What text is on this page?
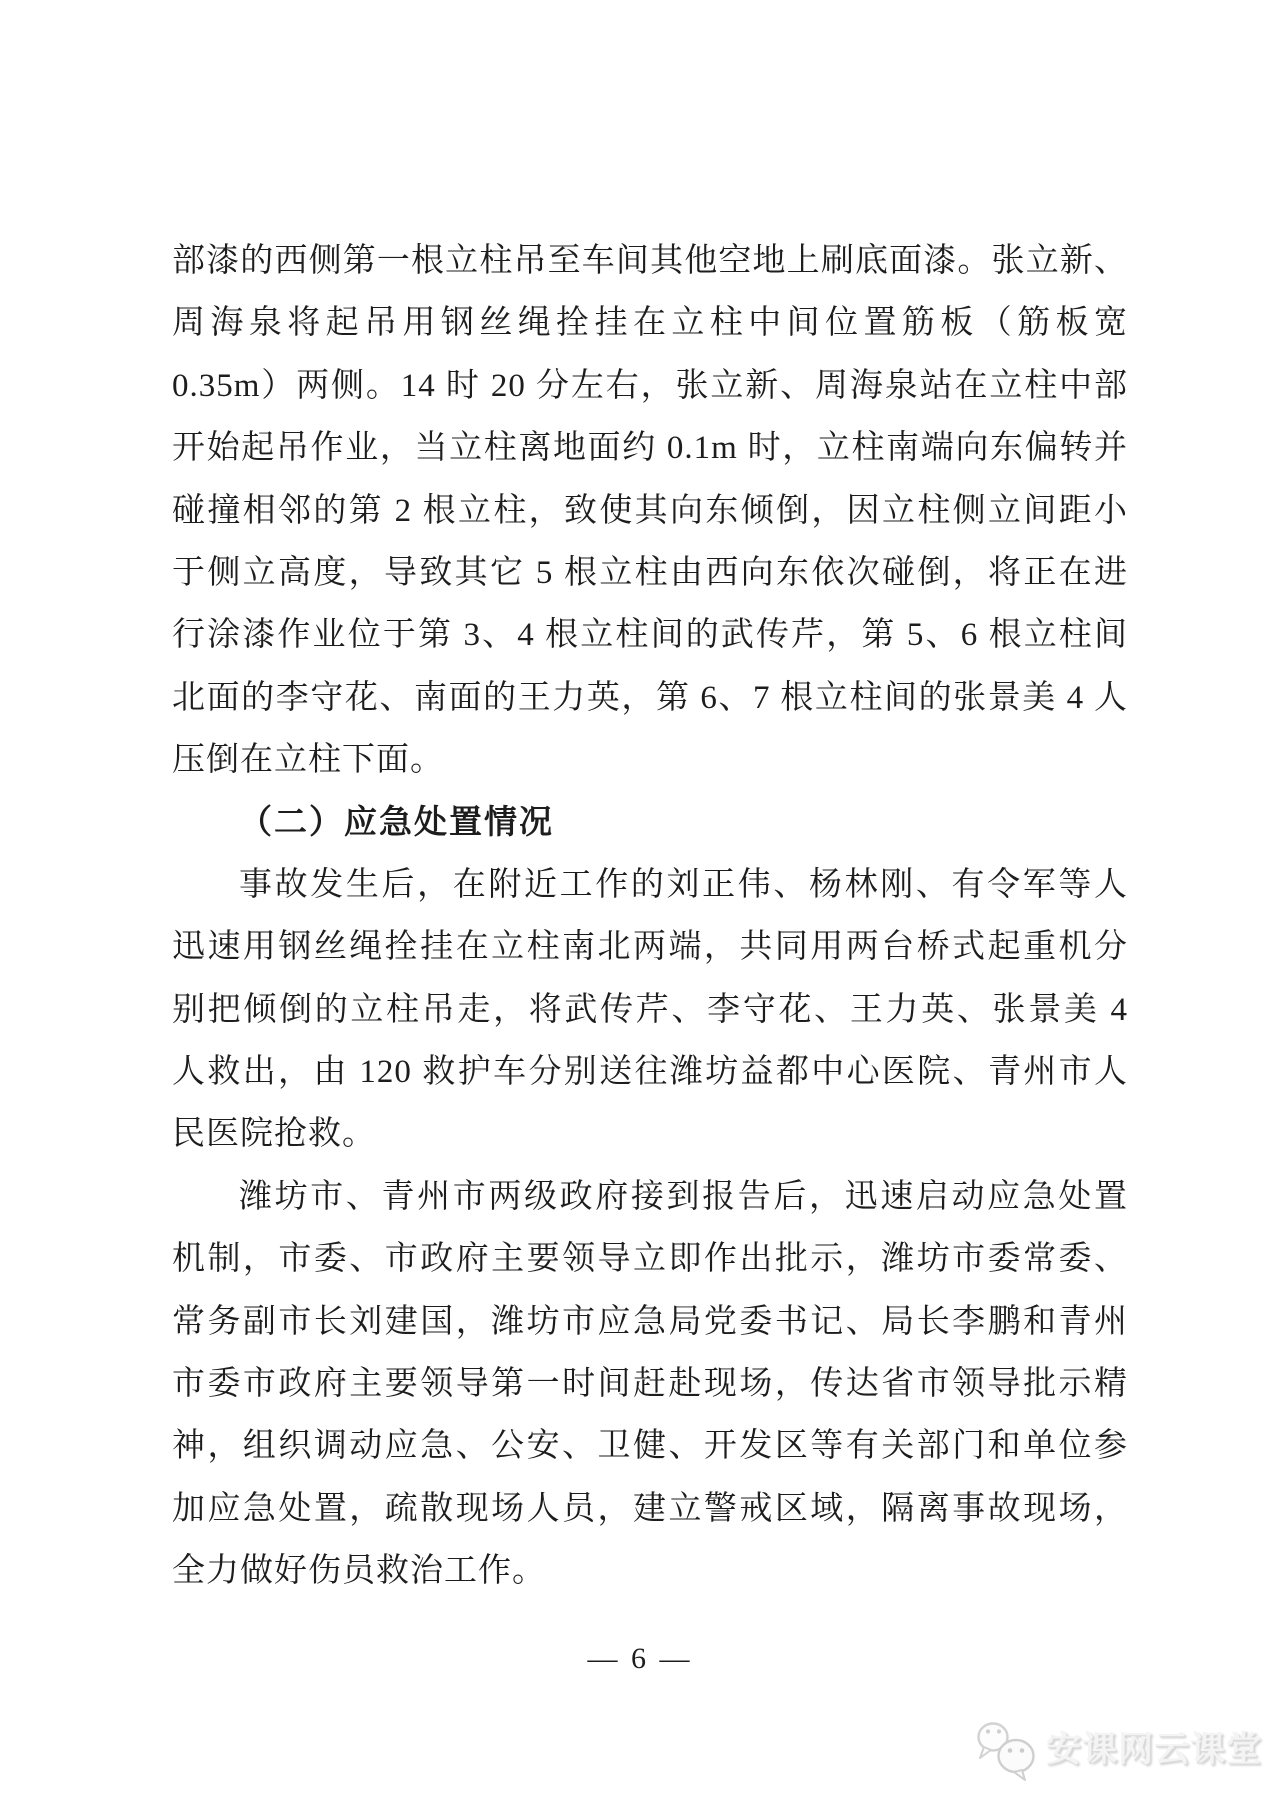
部漆的西侧第一根立柱吊至车间其他空地上刷底面漆。张立新、
周海泉将起吊用钢丝绳拴挂在立柱中间位置筋板（筋板宽
0.35m）两侧。14 时 20 分左右，张立新、周海泉站在立柱中部
开始起吊作业，当立柱离地面约 0.1m 时，立柱南端向东偏转并
碰撞相邻的第 2 根立柱，致使其向东倾倒，因立柱侧立间距小
于侧立高度，导致其它 5 根立柱由西向东依次碰倒，将正在进
行涂漆作业位于第 3、4 根立柱间的武传芹，第 5、6 根立柱间
北面的李守花、南面的王力英，第 6、7 根立柱间的张景美 4 人
压倒在立柱下面。
（二）应急处置情况
事故发生后，在附近工作的刘正伟、杨林刚、有令军等人
迅速用钢丝绳拴挂在立柱南北两端，共同用两台桥式起重机分
别把倾倒的立柱吊走，将武传芹、李守花、王力英、张景美 4
人救出，由 120 救护车分别送往潍坊益都中心医院、青州市人
民医院抢救。
潍坊市、青州市两级政府接到报告后，迅速启动应急处置
机制，市委、市政府主要领导立即作出批示，潍坊市委常委、
常务副市长刘建国，潍坊市应急局党委书记、局长李鹏和青州
市委市政府主要领导第一时间赶赴现场，传达省市领导批示精
神，组织调动应急、公安、卫健、开发区等有关部门和单位参
加应急处置，疏散现场人员，建立警戒区域，隔离事故现场，
全力做好伤员救治工作。
— 6 —
安课网云课堂
